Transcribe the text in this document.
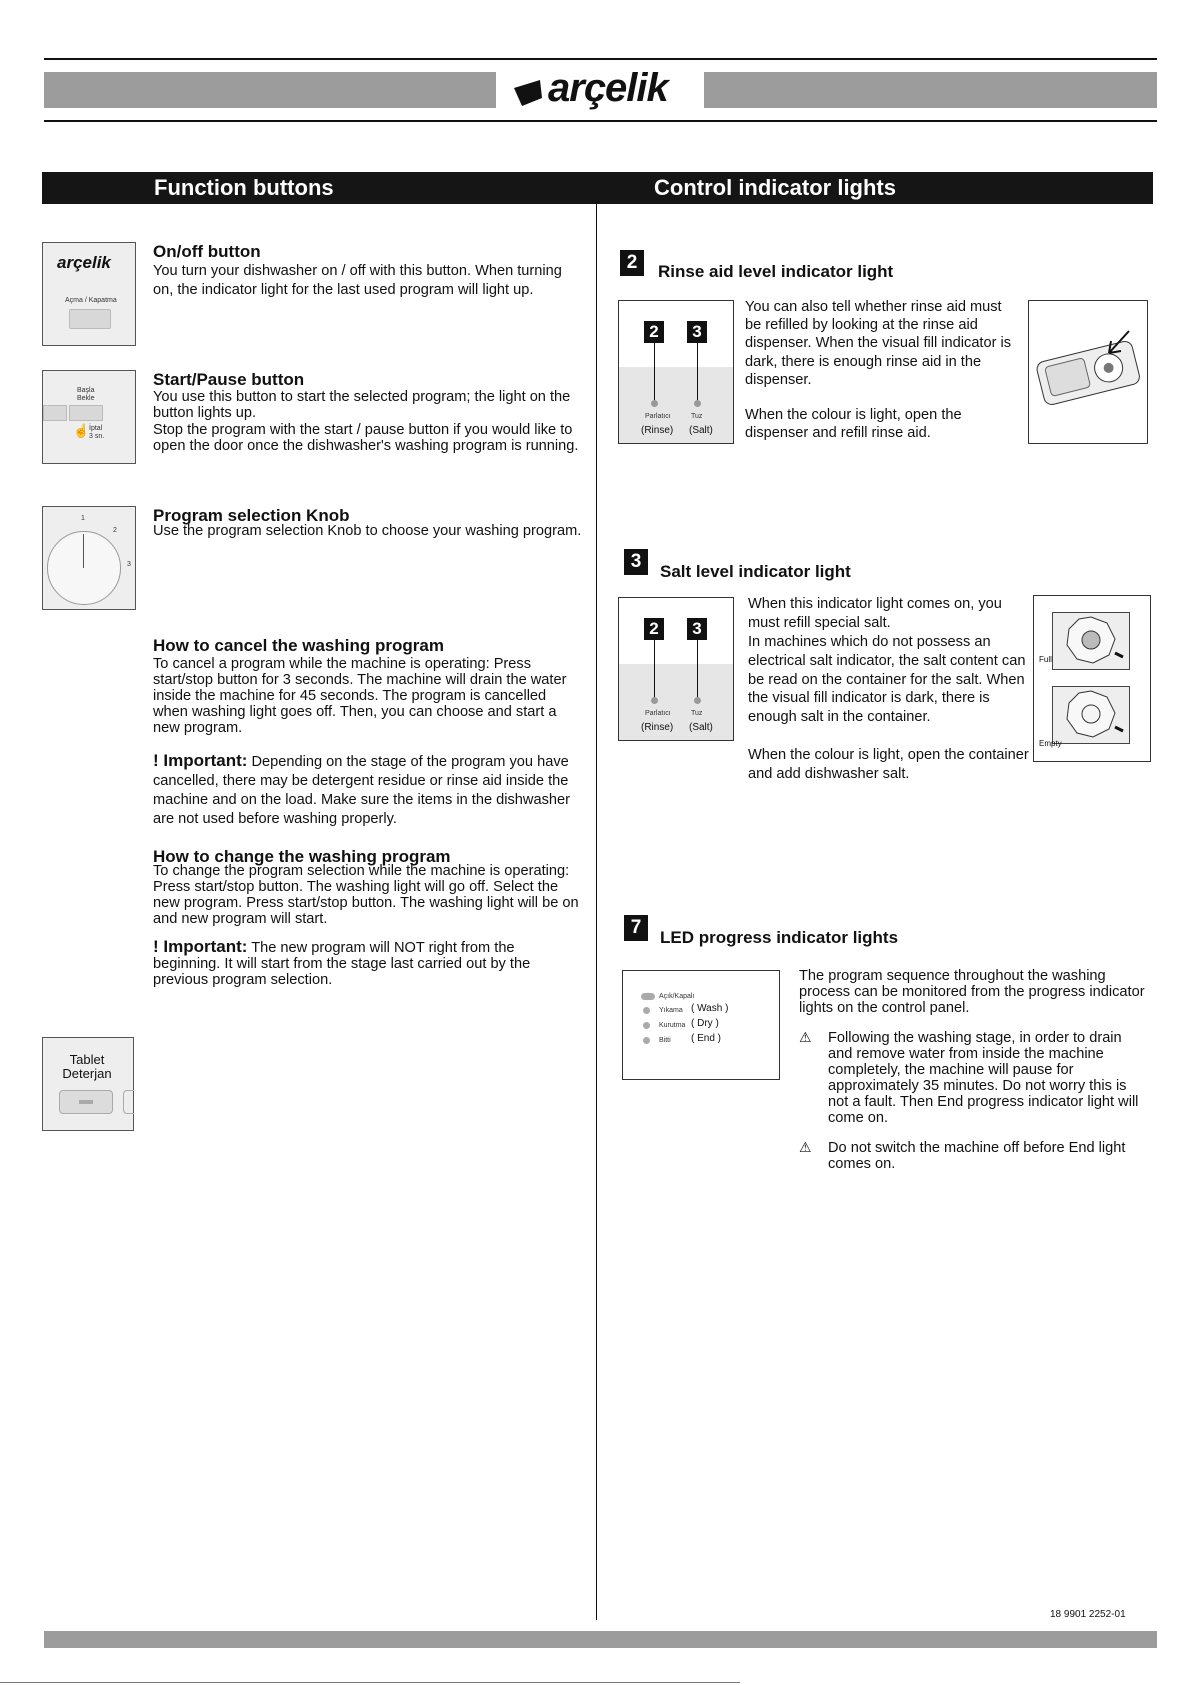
arçelik
Function buttons	Control indicator lights
arçelik
Açma / Kapatma
On/off button
You turn your dishwasher on / off with this button. When turning on, the indicator light for the last used program will light up.
Başla
Bekle
☝ İptal
3 sn.
Start/Pause button
You use this button to start the selected program; the light on the button lights up.
Stop the program with the start / pause button if you would like to open the door once the dishwasher's washing program is running.
1
2
3
Program selection Knob
Use the program selection Knob to choose your washing program.
How to cancel the washing program
To cancel a program while the machine is operating: Press start/stop button for 3 seconds. The machine will drain the water inside the machine for 45 seconds. The program is cancelled when washing light goes off. Then, you can choose and start a new program.
! Important: Depending on the stage of the program you have cancelled, there may be detergent residue or rinse aid inside the machine and on the load. Make sure the items in the dishwasher are not used before washing properly.
How to change the washing program
To change the program selection while the machine is operating: Press start/stop button. The washing light will go off. Select the new program. Press start/stop button. The washing light will be on and new program will start.
! Important: The new program will NOT right from the beginning. It will start from the stage last carried out by the previous program selection.
Tablet
Deterjan
2	Rinse aid level indicator light
2	3
Parlatıcı	Tuz
(Rinse) (Salt)
You can also tell whether rinse aid must be refilled by looking at the rinse aid dispenser. When the visual fill indicator is dark, there is enough rinse aid in the dispenser.
When the colour is light, open the dispenser and refill rinse aid.
3	Salt level indicator light
2	3
Parlatıcı	Tuz
(Rinse) (Salt)
When this indicator light comes on, you must refill special salt.
In machines which do not possess an electrical salt indicator, the salt content can be read on the container for the salt. When the visual fill indicator is dark, there is enough salt in the container.
When the colour is light, open the container and add dishwasher salt.
Full
Empty
7	LED progress indicator lights
Açık/Kapalı
Yıkama ( Wash )
Kurutma ( Dry )
Bitti ( End )
The program sequence throughout the washing process can be monitored from the progress indicator lights on the control panel.
⚠ Following the washing stage, in order to drain and remove water from inside the machine completely, the machine will pause for approximately 35 minutes. Do not worry this is not a fault. Then End progress indicator light will come on.
⚠ Do not switch the machine off before End light comes on.
18 9901 2252-01
